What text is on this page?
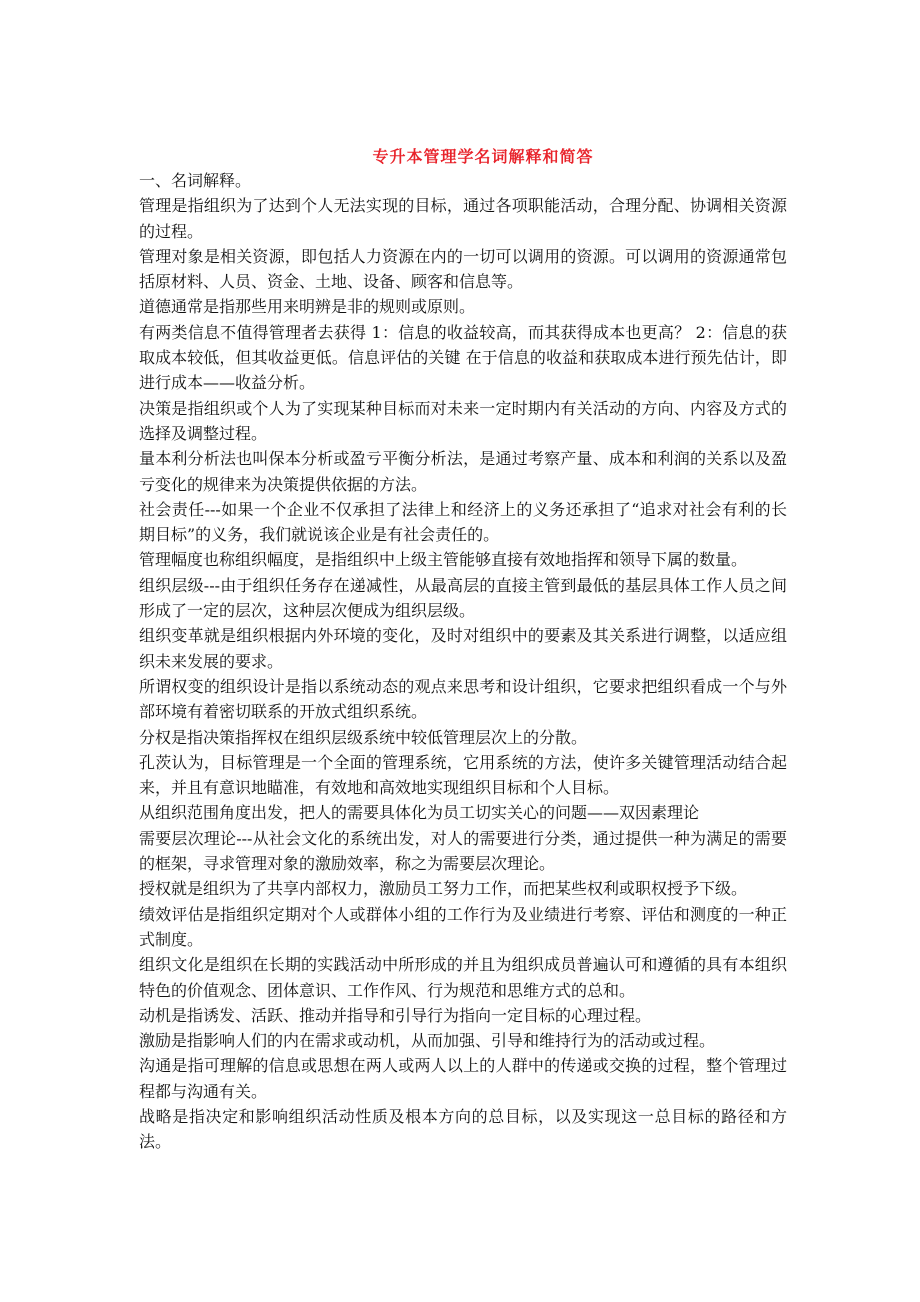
专升本管理学名词解释和简答

一、名词解释。

管理是指组织为了达到个人无法实现的目标，通过各项职能活动，合理分配、协调相关资源的过程。

管理对象是相关资源，即包括人力资源在内的一切可以调用的资源。可以调用的资源通常包括原材料、人员、资金、土地、设备、顾客和信息等。

道德通常是指那些用来明辨是非的规则或原则。

有两类信息不值得管理者去获得 1：信息的收益较高，而其获得成本也更高？ 2：信息的获取成本较低，但其收益更低。信息评估的关键 在于信息的收益和获取成本进行预先估计，即进行成本——收益分析。

决策是指组织或个人为了实现某种目标而对未来一定时期内有关活动的方向、内容及方式的选择及调整过程。

量本利分析法也叫保本分析或盈亏平衡分析法，是通过考察产量、成本和利润的关系以及盈亏变化的规律来为决策提供依据的方法。

社会责任---如果一个企业不仅承担了法律上和经济上的义务还承担了“追求对社会有利的长期目标”的义务，我们就说该企业是有社会责任的。

管理幅度也称组织幅度，是指组织中上级主管能够直接有效地指挥和领导下属的数量。

组织层级---由于组织任务存在递减性，从最高层的直接主管到最低的基层具体工作人员之间形成了一定的层次，这种层次便成为组织层级。

组织变革就是组织根据内外环境的变化，及时对组织中的要素及其关系进行调整，以适应组织未来发展的要求。

所谓权变的组织设计是指以系统动态的观点来思考和设计组织，它要求把组织看成一个与外部环境有着密切联系的开放式组织系统。

分权是指决策指挥权在组织层级系统中较低管理层次上的分散。

孔茨认为，目标管理是一个全面的管理系统，它用系统的方法，使许多关键管理活动结合起来，并且有意识地瞄准，有效地和高效地实现组织目标和个人目标。

从组织范围角度出发，把人的需要具体化为员工切实关心的问题——双因素理论

需要层次理论---从社会文化的系统出发，对人的需要进行分类，通过提供一种为满足的需要的框架，寻求管理对象的激励效率，称之为需要层次理论。

授权就是组织为了共享内部权力，激励员工努力工作，而把某些权利或职权授予下级。

绩效评估是指组织定期对个人或群体小组的工作行为及业绩进行考察、评估和测度的一种正式制度。

组织文化是组织在长期的实践活动中所形成的并且为组织成员普遍认可和遵循的具有本组织特色的价值观念、团体意识、工作作风、行为规范和思维方式的总和。

动机是指诱发、活跃、推动并指导和引导行为指向一定目标的心理过程。

激励是指影响人们的内在需求或动机，从而加强、引导和维持行为的活动或过程。

沟通是指可理解的信息或思想在两人或两人以上的人群中的传递或交换的过程，整个管理过程都与沟通有关。

战略是指决定和影响组织活动性质及根本方向的总目标，以及实现这一总目标的路径和方法。
